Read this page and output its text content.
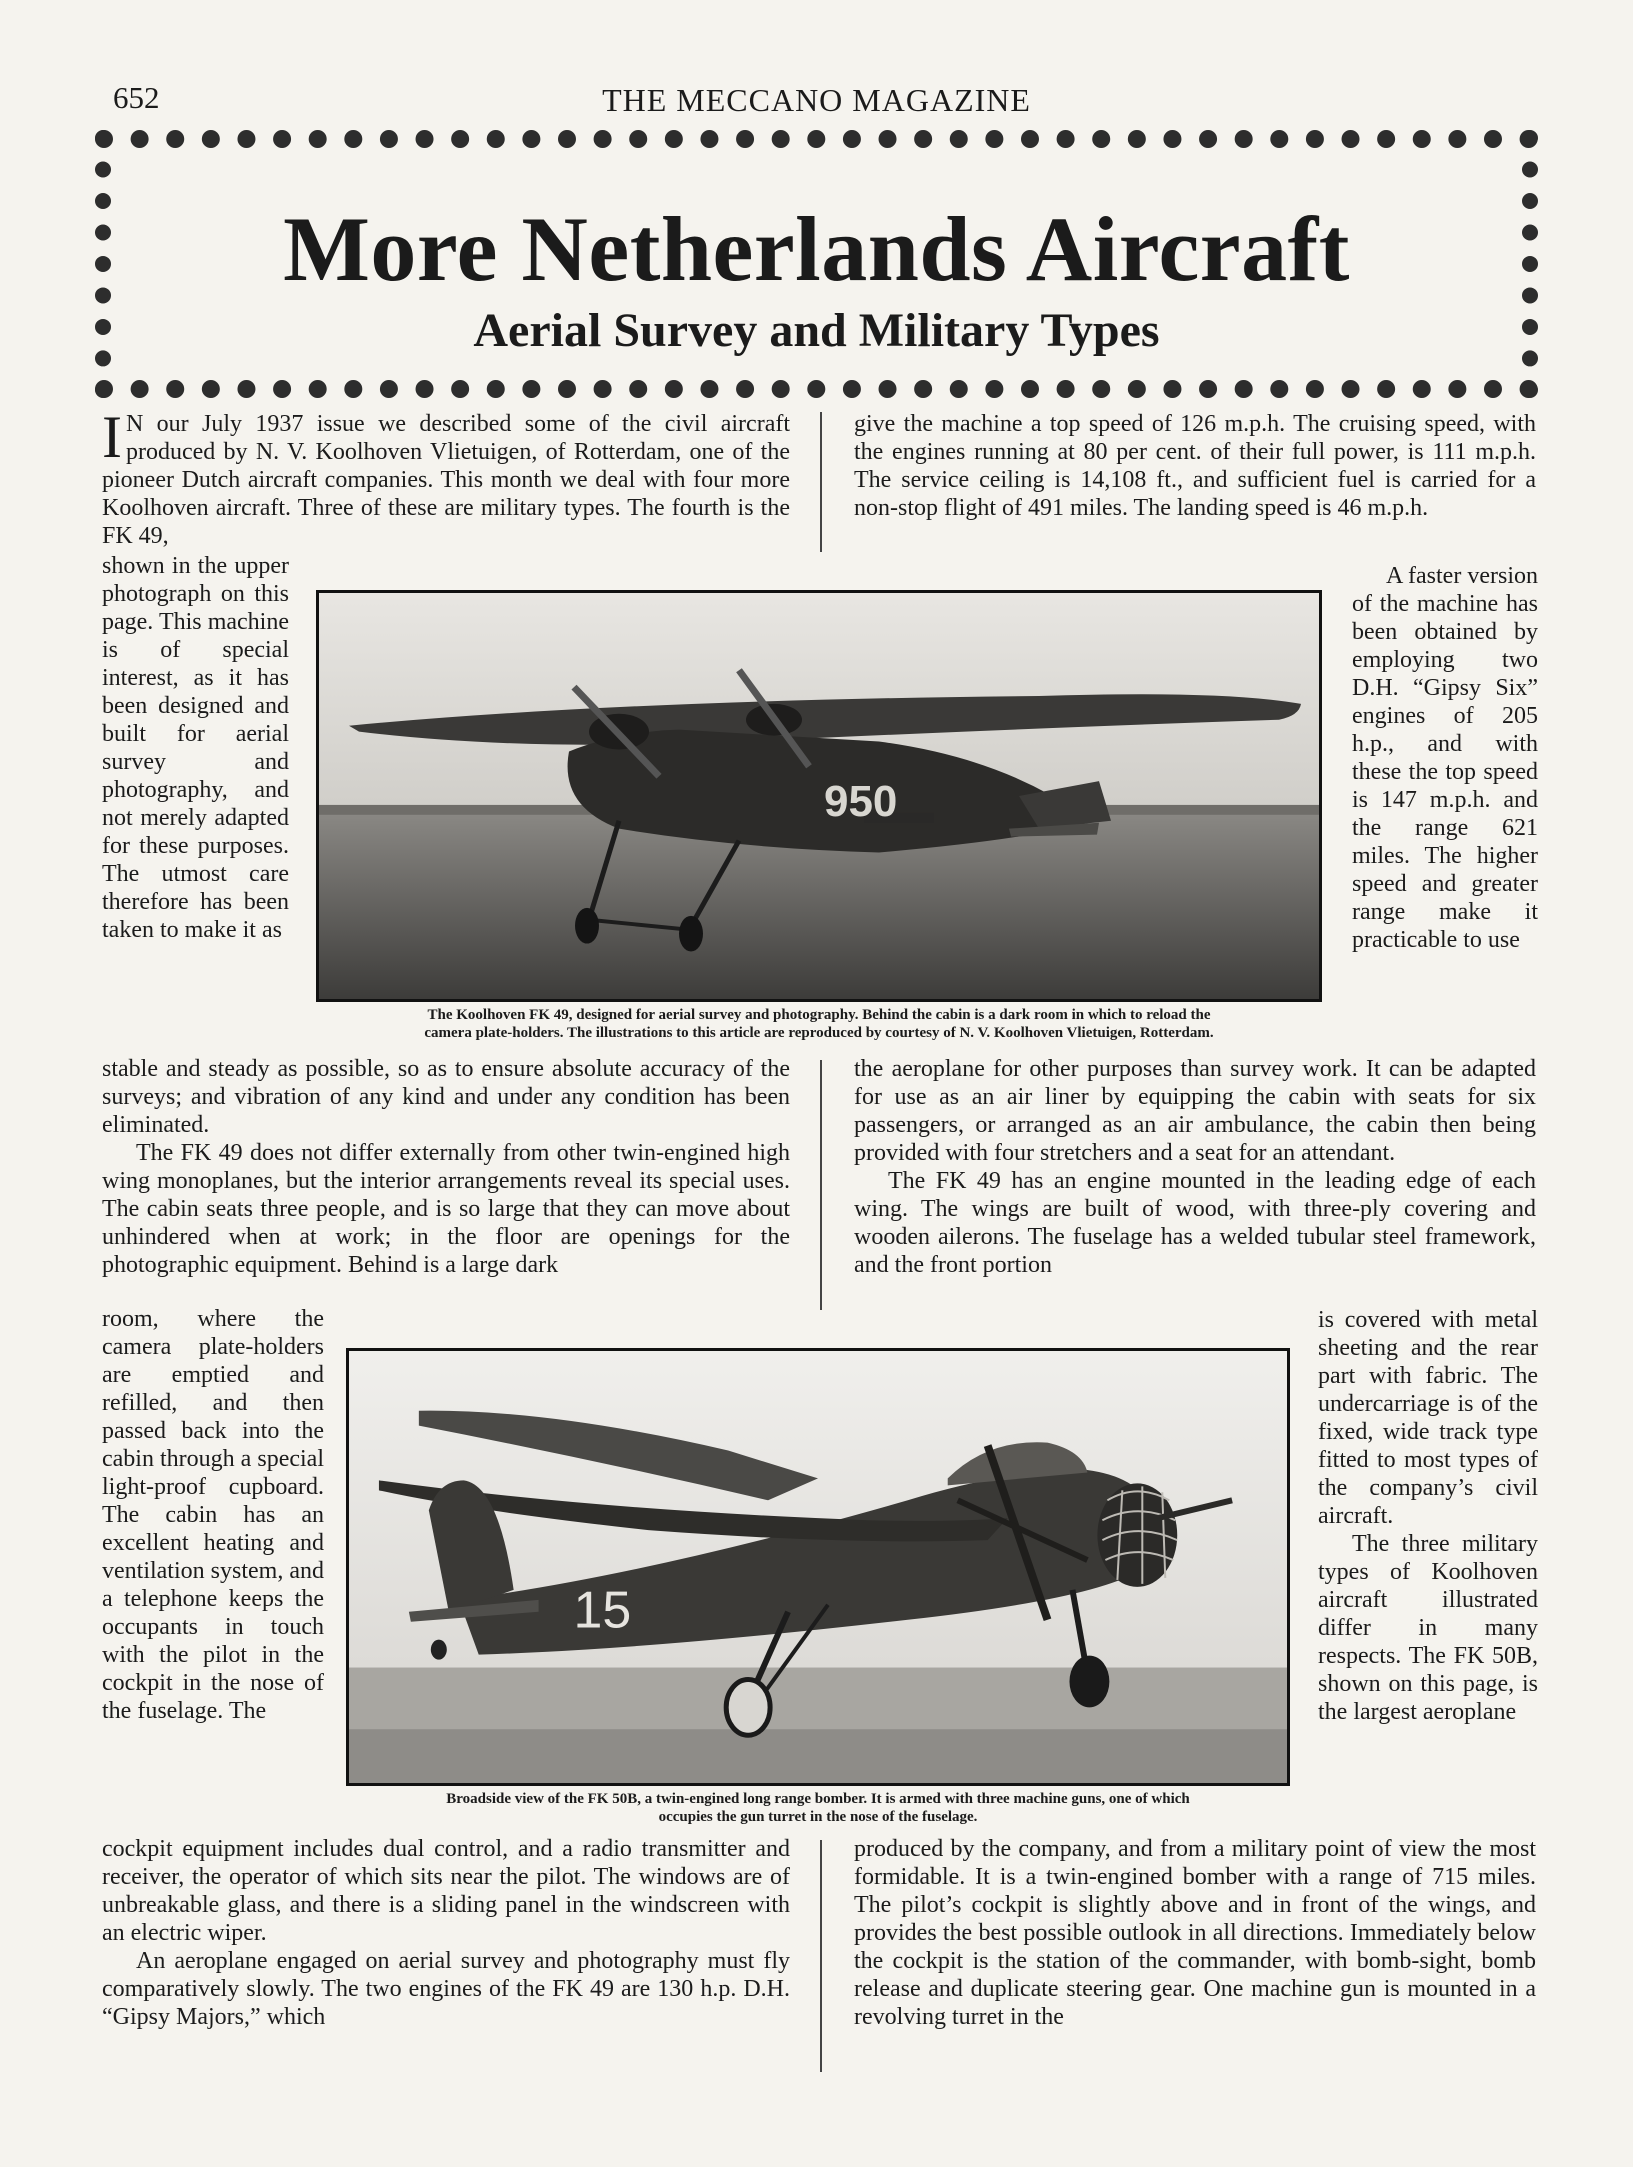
652	THE MECCANO MAGAZINE
More Netherlands Aircraft
Aerial Survey and Military Types

I N our July 1937 issue we described some of the civil aircraft produced by N. V. Koolhoven Vlietuigen, of Rotterdam, one of the pioneer Dutch aircraft companies. This month we deal with four more Koolhoven aircraft. Three of these are military types. The fourth is the FK 49,

give the machine a top speed of 126 m.p.h. The cruising speed, with the engines running at 80 per cent. of their full power, is 111 m.p.h. The service ceiling is 14,108 ft., and sufficient fuel is carried for a non-stop flight of 491 miles. The landing speed is 46 m.p.h.

shown in the upper photograph on this page. This machine is of special interest, as it has been designed and built for aerial survey and photography, and not merely adapted for these purposes. The utmost care therefore has been taken to make it as

A faster version of the machine has been obtained by employing two D.H. “Gipsy Six” engines of 205 h.p., and with these the top speed is 147 m.p.h. and the range 621 miles. The higher speed and greater range make it practicable to use

950
The Koolhoven FK 49, designed for aerial survey and photography. Behind the cabin is a dark room in which to reload the
camera plate-holders. The illustrations to this article are reproduced by courtesy of N. V. Koolhoven Vlietuigen, Rotterdam.

stable and steady as possible, so as to ensure absolute accuracy of the surveys; and vibration of any kind and under any condition has been eliminated.

The FK 49 does not differ externally from other twin-engined high wing monoplanes, but the interior arrangements reveal its special uses. The cabin seats three people, and is so large that they can move about unhindered when at work; in the floor are openings for the photographic equipment. Behind is a large dark

the aeroplane for other purposes than survey work. It can be adapted for use as an air liner by equipping the cabin with seats for six passengers, or arranged as an air ambulance, the cabin then being provided with four stretchers and a seat for an attendant.

The FK 49 has an engine mounted in the leading edge of each wing. The wings are built of wood, with three-ply covering and wooden ailerons. The fuselage has a welded tubular steel framework, and the front portion

room, where the camera plate-holders are emptied and refilled, and then passed back into the cabin through a special light-proof cupboard. The cabin has an excellent heating and ventilation system, and a telephone keeps the occupants in touch with the pilot in the cockpit in the nose of the fuselage. The

is covered with metal sheeting and the rear part with fabric. The undercarriage is of the fixed, wide track type fitted to most types of the company’s civil aircraft.

The three military types of Koolhoven aircraft illustrated differ in many respects. The FK 50B, shown on this page, is the largest aeroplane

15
Broadside view of the FK 50B, a twin-engined long range bomber. It is armed with three machine guns, one of which
occupies the gun turret in the nose of the fuselage.

cockpit equipment includes dual control, and a radio transmitter and receiver, the operator of which sits near the pilot. The windows are of unbreakable glass, and there is a sliding panel in the windscreen with an electric wiper.

An aeroplane engaged on aerial survey and photography must fly comparatively slowly. The two engines of the FK 49 are 130 h.p. D.H. “Gipsy Majors,” which

produced by the company, and from a military point of view the most formidable. It is a twin-engined bomber with a range of 715 miles. The pilot’s cockpit is slightly above and in front of the wings, and provides the best possible outlook in all directions. Immediately below the cockpit is the station of the commander, with bomb-sight, bomb release and duplicate steering gear. One machine gun is mounted in a revolving turret in the
